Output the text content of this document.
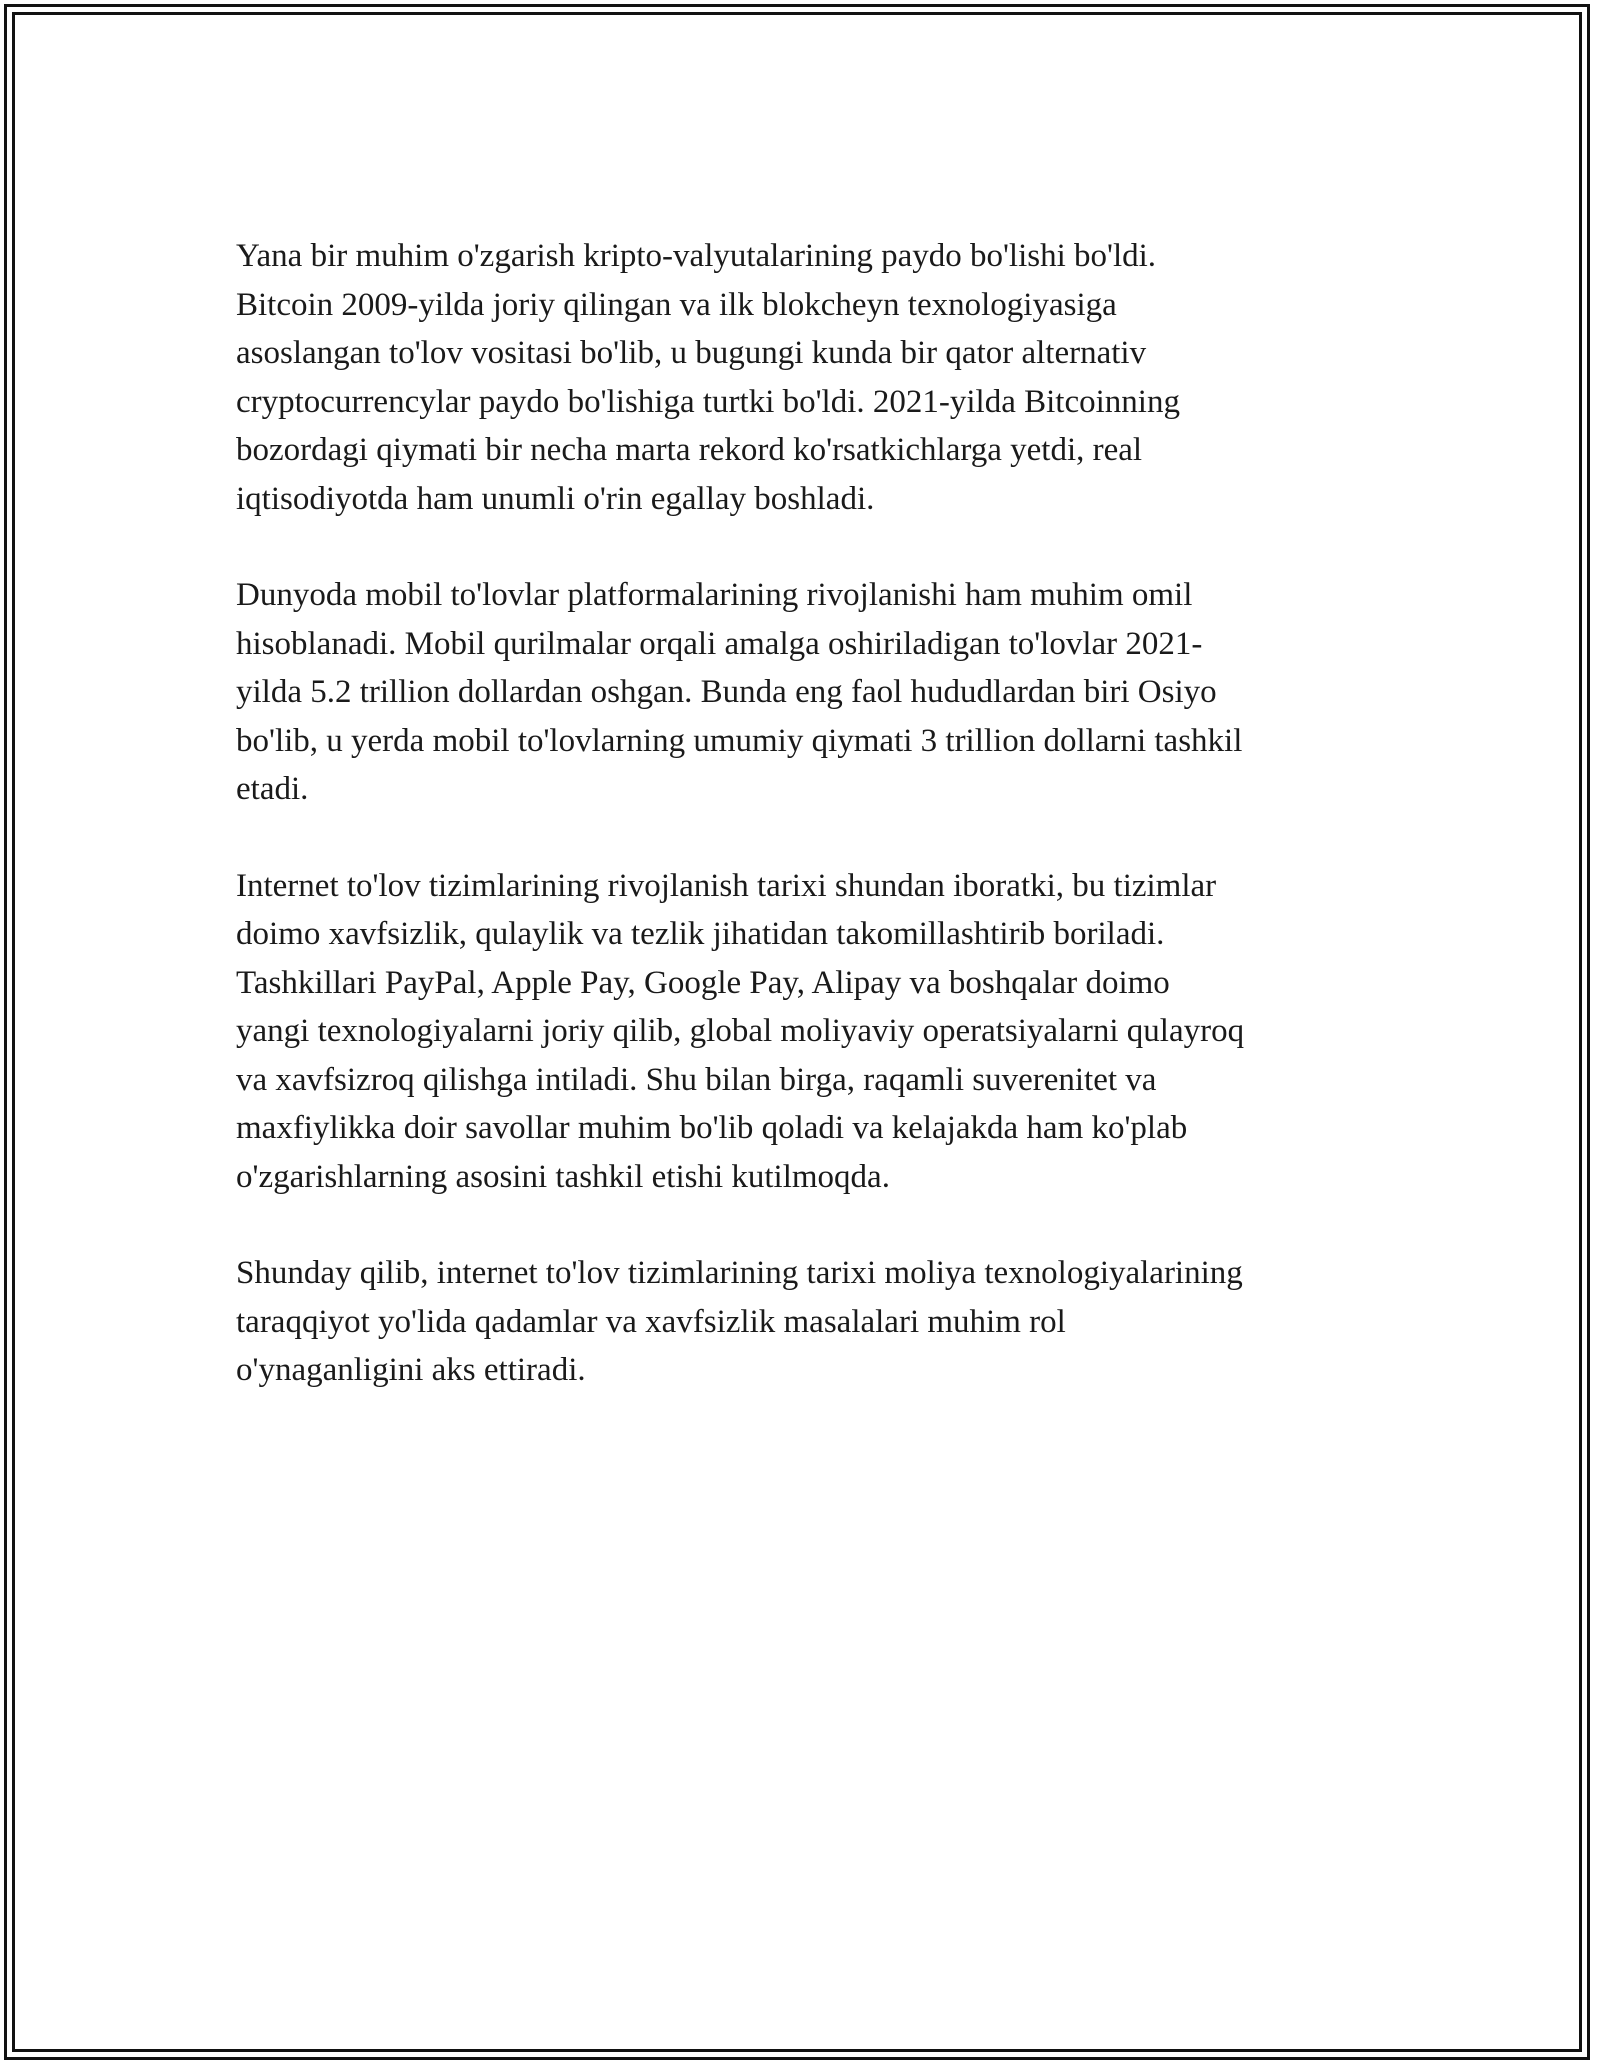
Yana bir muhim o'zgarish kripto-valyutalarining paydo bo'lishi bo'ldi.
Bitcoin 2009-yilda joriy qilingan va ilk blokcheyn texnologiyasiga
asoslangan to'lov vositasi bo'lib, u bugungi kunda bir qator alternativ
cryptocurrencylar paydo bo'lishiga turtki bo'ldi. 2021-yilda Bitcoinning
bozordagi qiymati bir necha marta rekord ko'rsatkichlarga yetdi, real
iqtisodiyotda ham unumli o'rin egallay boshladi.

Dunyoda mobil to'lovlar platformalarining rivojlanishi ham muhim omil
hisoblanadi. Mobil qurilmalar orqali amalga oshiriladigan to'lovlar 2021-
yilda 5.2 trillion dollardan oshgan. Bunda eng faol hududlardan biri Osiyo
bo'lib, u yerda mobil to'lovlarning umumiy qiymati 3 trillion dollarni tashkil
etadi.

Internet to'lov tizimlarining rivojlanish tarixi shundan iboratki, bu tizimlar
doimo xavfsizlik, qulaylik va tezlik jihatidan takomillashtirib boriladi.
Tashkillari PayPal, Apple Pay, Google Pay, Alipay va boshqalar doimo
yangi texnologiyalarni joriy qilib, global moliyaviy operatsiyalarni qulayroq
va xavfsizroq qilishga intiladi. Shu bilan birga, raqamli suverenitet va
maxfiylikka doir savollar muhim bo'lib qoladi va kelajakda ham ko'plab
o'zgarishlarning asosini tashkil etishi kutilmoqda.

Shunday qilib, internet to'lov tizimlarining tarixi moliya texnologiyalarining
taraqqiyot yo'lida qadamlar va xavfsizlik masalalari muhim rol
o'ynaganligini aks ettiradi.
